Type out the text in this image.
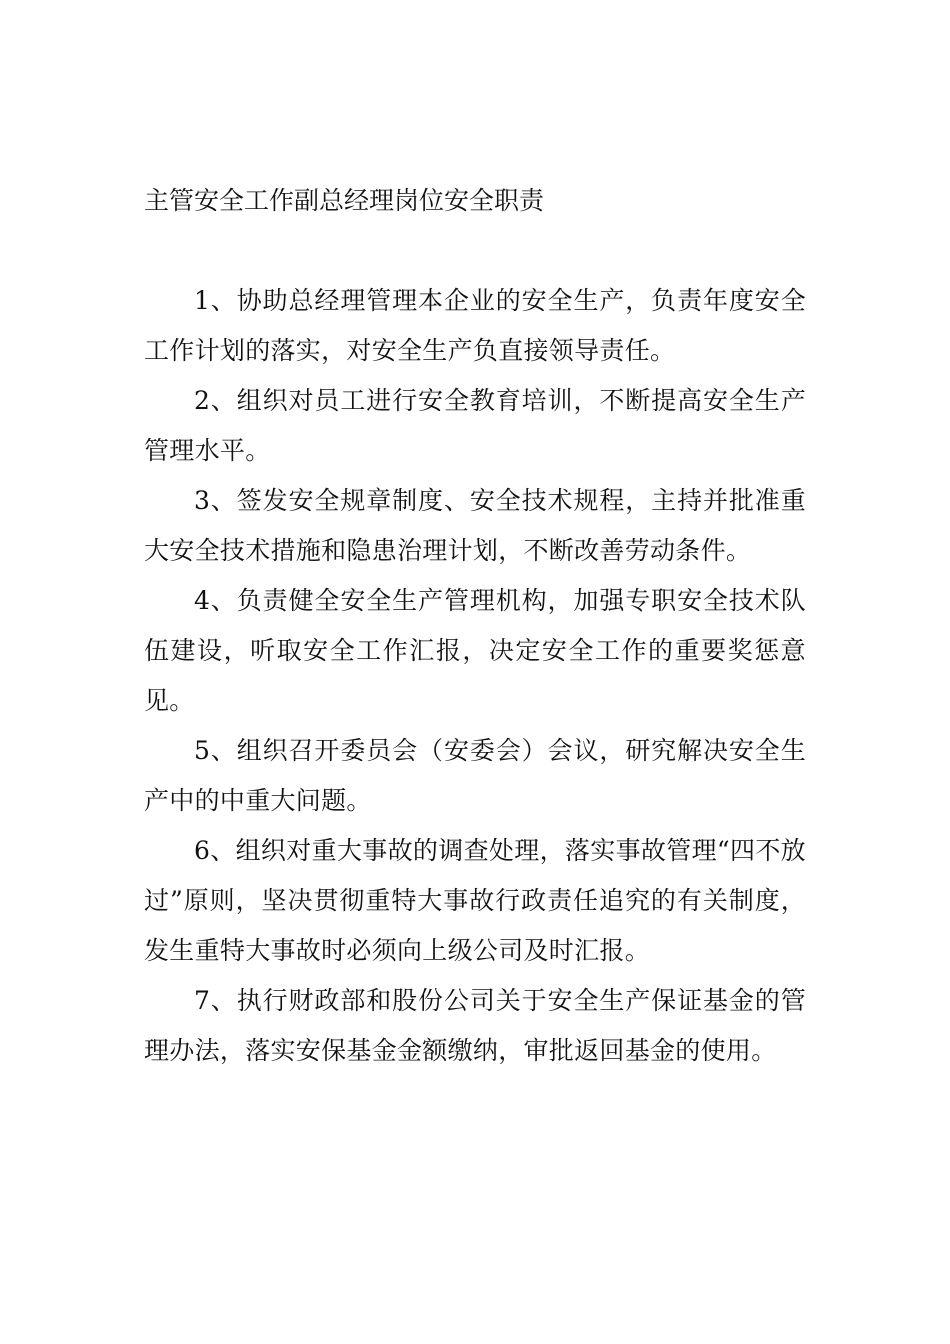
主管安全工作副总经理岗位安全职责

1、协助总经理管理本企业的安全生产，负责年度安全工作计划的落实，对安全生产负直接领导责任。

2、组织对员工进行安全教育培训，不断提高安全生产管理水平。

3、签发安全规章制度、安全技术规程，主持并批准重大安全技术措施和隐患治理计划，不断改善劳动条件。

4、负责健全安全生产管理机构，加强专职安全技术队伍建设，听取安全工作汇报，决定安全工作的重要奖惩意见。

5、组织召开委员会（安委会）会议，研究解决安全生产中的中重大问题。

6、组织对重大事故的调查处理，落实事故管理“四不放过”原则，坚决贯彻重特大事故行政责任追究的有关制度，发生重特大事故时必须向上级公司及时汇报。

7、执行财政部和股份公司关于安全生产保证基金的管理办法，落实安保基金金额缴纳，审批返回基金的使用。
